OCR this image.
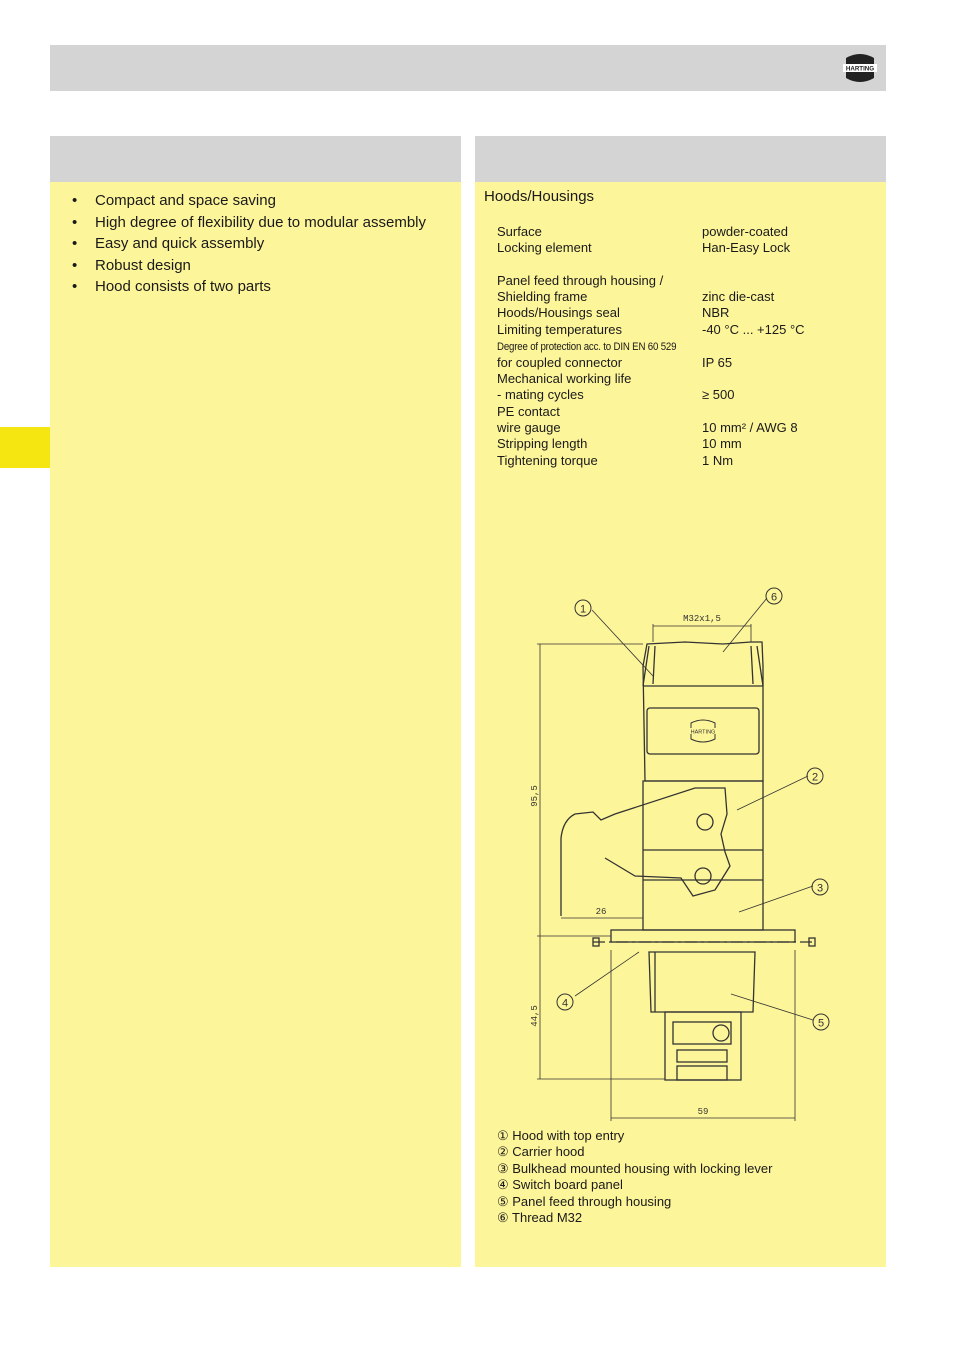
HARTING
• Compact and space saving
• High degree of flexibility due to modular assembly
• Easy and quick assembly
• Robust design
• Hood consists of two parts
Hoods/Housings
Surface	powder-coated
Locking element	Han-Easy Lock
Panel feed through housing /
Shielding frame	zinc die-cast
Hoods/Housings seal	NBR
Limiting temperatures	-40 °C ... +125 °C
Degree of protection acc. to DIN EN 60 529
for coupled connector	IP 65
Mechanical working life
- mating cycles	≥ 500
PE contact
wire gauge	10 mm² / AWG 8
Stripping length	10 mm
Tightening torque	1 Nm
HARTING
1
6
2
3
4
5
M32x1,5
95,5
44,5
26
59
① Hood with top entry
② Carrier hood
③ Bulkhead mounted housing with locking lever
④ Switch board panel
⑤ Panel feed through housing
⑥ Thread M32
